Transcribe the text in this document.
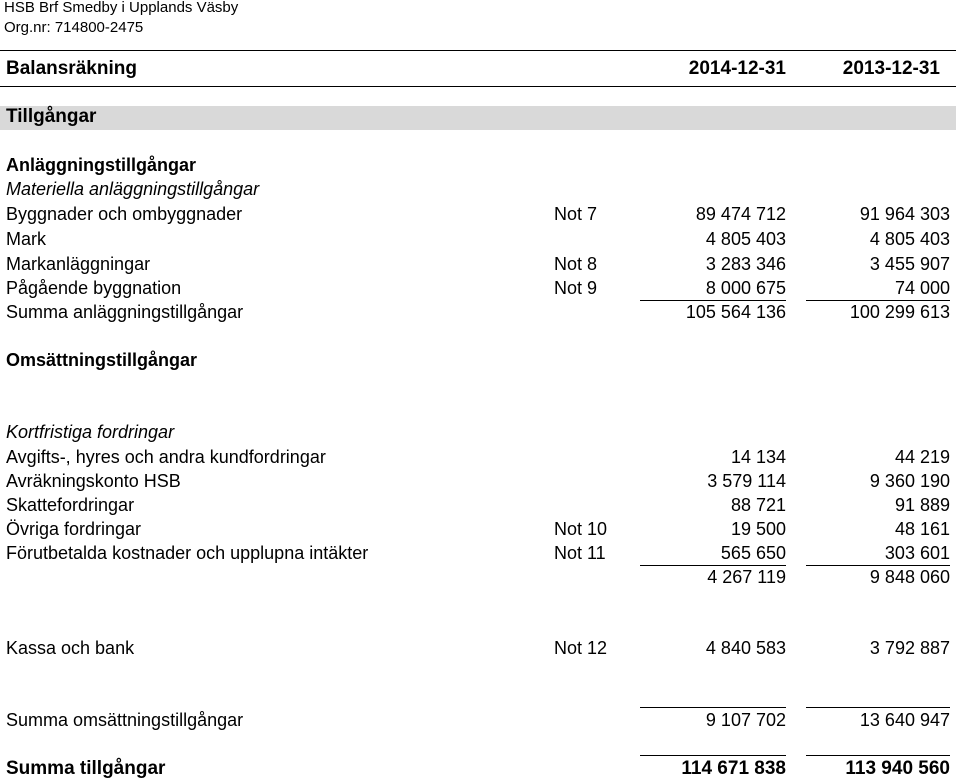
HSB Brf Smedby i Upplands Väsby
Org.nr: 714800-2475
Balansräkning	2014-12-31	2013-12-31
Tillgångar
Anläggningstillgångar
Materiella anläggningstillgångar
Byggnader och ombyggnader	Not 7	89 474 712	91 964 303
Mark	4 805 403	4 805 403
Markanläggningar	Not 8	3 283 346	3 455 907
Pågående byggnation	Not 9	8 000 675	74 000
Summa anläggningstillgångar	105 564 136	100 299 613
Omsättningstillgångar
Kortfristiga fordringar
Avgifts-, hyres och andra kundfordringar	14 134	44 219
Avräkningskonto HSB	3 579 114	9 360 190
Skattefordringar	88 721	91 889
Övriga fordringar	Not 10	19 500	48 161
Förutbetalda kostnader och upplupna intäkter	Not 11	565 650	303 601
4 267 119	9 848 060
Kassa och bank	Not 12	4 840 583	3 792 887
Summa omsättningstillgångar	9 107 702	13 640 947
Summa tillgångar	114 671 838	113 940 560
